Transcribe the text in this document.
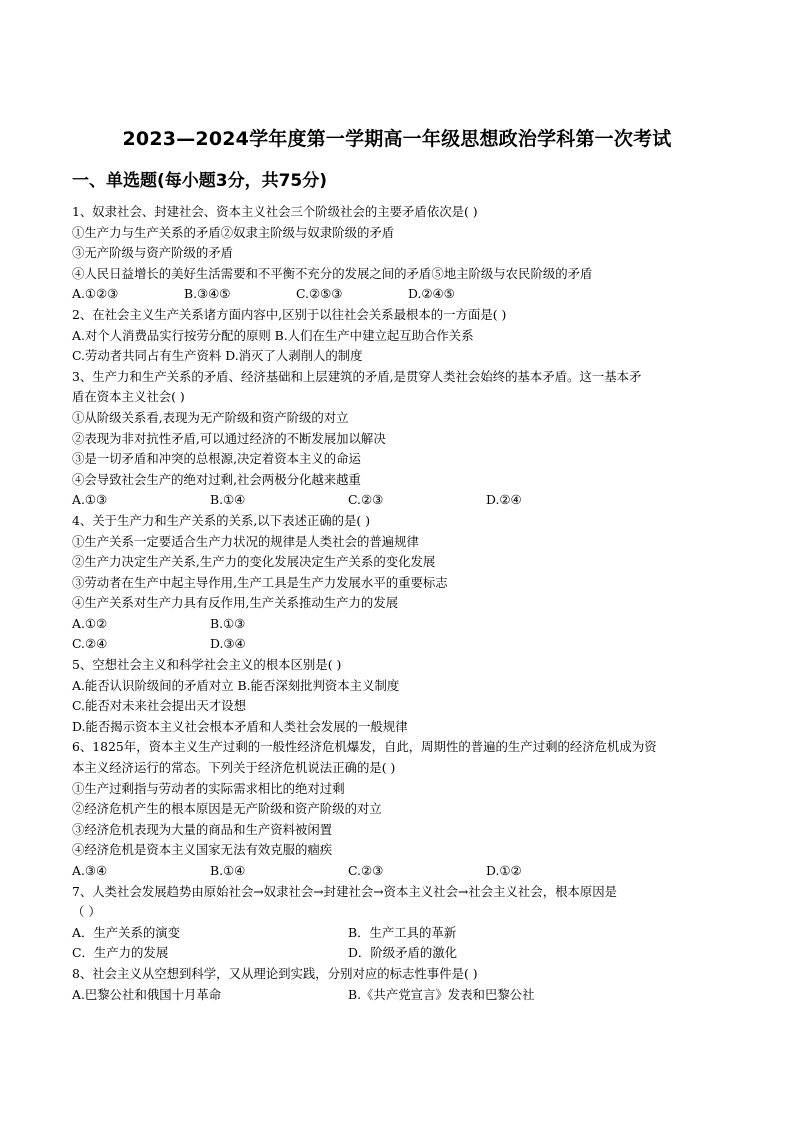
2023—2024学年度第一学期高一年级思想政治学科第一次考试
一、单选题(每小题3分，共75分)
1、奴隶社会、封建社会、资本主义社会三个阶级社会的主要矛盾依次是( )
①生产力与生产关系的矛盾②奴隶主阶级与奴隶阶级的矛盾
③无产阶级与资产阶级的矛盾
④人民日益增长的美好生活需要和不平衡不充分的发展之间的矛盾⑤地主阶级与农民阶级的矛盾
A.①②③	B.③④⑤	C.②⑤③	D.②④⑤
2、在社会主义生产关系诸方面内容中,区别于以往社会关系最根本的一方面是( )
A.对个人消费品实行按劳分配的原则 B.人们在生产中建立起互助合作关系
C.劳动者共同占有生产资料 D.消灭了人剥削人的制度
3、生产力和生产关系的矛盾、经济基础和上层建筑的矛盾,是贯穿人类社会始终的基本矛盾。这一基本矛
盾在资本主义社会( )
①从阶级关系看,表现为无产阶级和资产阶级的对立
②表现为非对抗性矛盾,可以通过经济的不断发展加以解决
③是一切矛盾和冲突的总根源,决定着资本主义的命运
④会导致社会生产的绝对过剩,社会两极分化越来越重
A.①③	B.①④	C.②③	D.②④
4、关于生产力和生产关系的关系,以下表述正确的是( )
①生产关系一定要适合生产力状况的规律是人类社会的普遍规律
②生产力决定生产关系,生产力的变化发展决定生产关系的变化发展
③劳动者在生产中起主导作用,生产工具是生产力发展水平的重要标志
④生产关系对生产力具有反作用,生产关系推动生产力的发展
A.①②	B.①③
C.②④	D.③④
5、空想社会主义和科学社会主义的根本区别是( )
A.能否认识阶级间的矛盾对立 B.能否深刻批判资本主义制度
C.能否对未来社会提出天才设想
D.能否揭示资本主义社会根本矛盾和人类社会发展的一般规律
6、1825年，资本主义生产过剩的一般性经济危机爆发，自此，周期性的普遍的生产过剩的经济危机成为资
本主义经济运行的常态。下列关于经济危机说法正确的是( )
①生产过剩指与劳动者的实际需求相比的绝对过剩
②经济危机产生的根本原因是无产阶级和资产阶级的对立
③经济危机表现为大量的商品和生产资料被闲置
④经济危机是资本主义国家无法有效克服的痼疾
A.③④	B.①④	C.②③	D.①②
7、人类社会发展趋势由原始社会→奴隶社会→封建社会→资本主义社会→社会主义社会，根本原因是
（ ）
A．生产关系的演变	B．生产工具的革新
C．生产力的发展	D．阶级矛盾的激化
8、社会主义从空想到科学，又从理论到实践，分别对应的标志性事件是( )
A.巴黎公社和俄国十月革命	B.《共产党宣言》发表和巴黎公社
